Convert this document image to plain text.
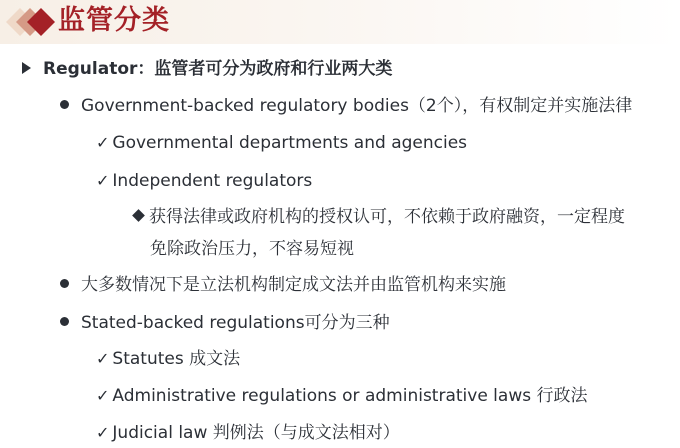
监管分类
Regulator：监管者可分为政府和行业两大类
Government-backed regulatory bodies（2个），有权制定并实施法律
✓ Governmental departments and agencies
✓ Independent regulators
获得法律或政府机构的授权认可，不依赖于政府融资，一定程度
免除政治压力，不容易短视
大多数情况下是立法机构制定成文法并由监管机构来实施
Stated-backed regulations可分为三种
✓ Statutes 成文法
✓ Administrative regulations or administrative laws 行政法
✓ Judicial law 判例法（与成文法相对）
